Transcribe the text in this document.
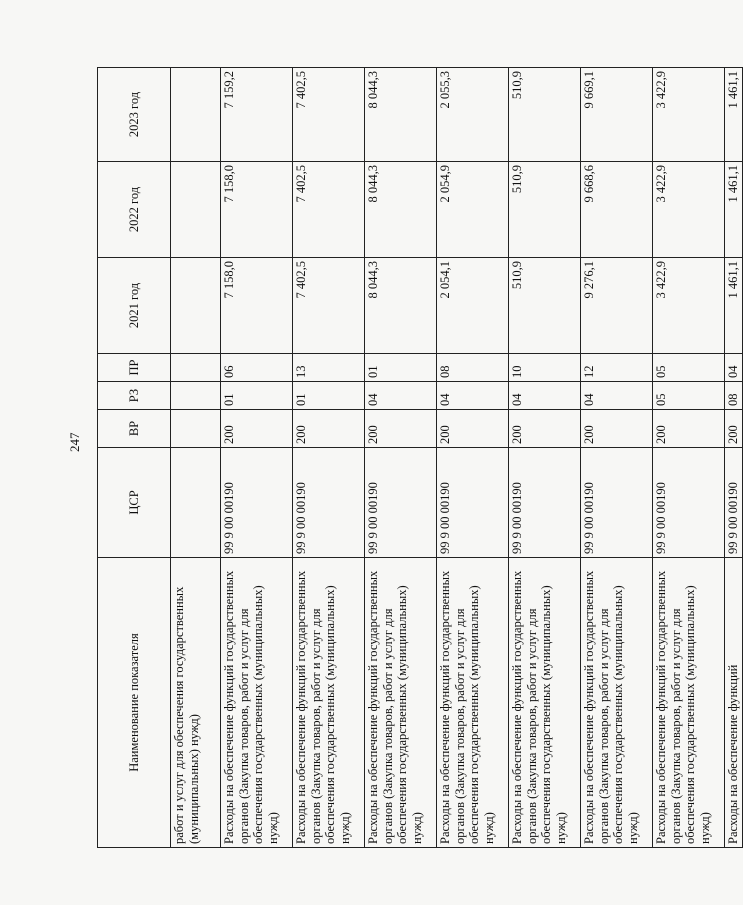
247
Наименование показателя	ЦСР	ВР	РЗ	ПР	2021 год	2022 год	2023 год
работ и услуг для обеспечения государственных (муниципальных) нужд)							
Расходы на обеспечение функций государственных органов (Закупка товаров, работ и услуг для обеспечения государственных (муниципальных) нужд)	99 9 00 00190	200	01	06	7 158,0	7 158,0	7 159,2
Расходы на обеспечение функций государственных органов (Закупка товаров, работ и услуг для обеспечения государственных (муниципальных) нужд)	99 9 00 00190	200	01	13	7 402,5	7 402,5	7 402,5
Расходы на обеспечение функций государственных органов (Закупка товаров, работ и услуг для обеспечения государственных (муниципальных) нужд)	99 9 00 00190	200	04	01	8 044,3	8 044,3	8 044,3
Расходы на обеспечение функций государственных органов (Закупка товаров, работ и услуг для обеспечения государственных (муниципальных) нужд)	99 9 00 00190	200	04	08	2 054,1	2 054,9	2 055,3
Расходы на обеспечение функций государственных органов (Закупка товаров, работ и услуг для обеспечения государственных (муниципальных) нужд)	99 9 00 00190	200	04	10	510,9	510,9	510,9
Расходы на обеспечение функций государственных органов (Закупка товаров, работ и услуг для обеспечения государственных (муниципальных) нужд)	99 9 00 00190	200	04	12	9 276,1	9 668,6	9 669,1
Расходы на обеспечение функций государственных органов (Закупка товаров, работ и услуг для обеспечения государственных (муниципальных) нужд)	99 9 00 00190	200	05	05	3 422,9	3 422,9	3 422,9
Расходы на обеспечение функций	99 9 00 00190	200	08	04	1 461,1	1 461,1	1 461,1
